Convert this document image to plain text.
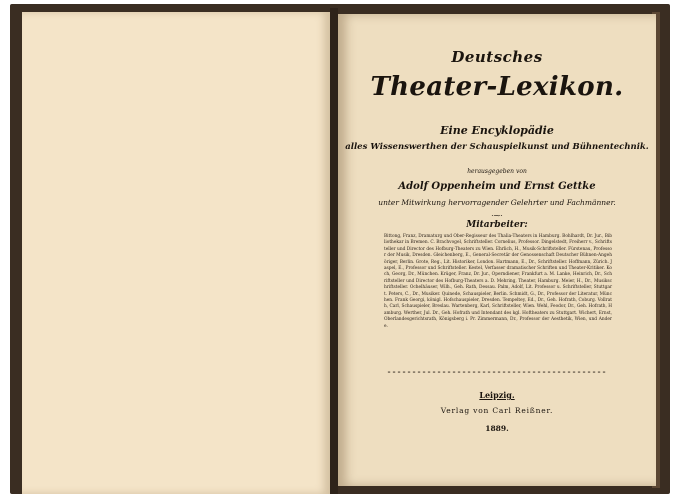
Deutsches
Theater-Lexikon.
Eine Encyklopädie
alles Wissenswerthen der Schauspielkunst und Bühnentechnik.
herausgegeben von
Adolf Oppenheim und Ernst Gettke
unter Mitwirkung hervorragender Gelehrter und Fachmänner.
·⁓·
Mitarbeiter:
Bittong, Franz, Dramaturg und Ober-Regisseur des Thalia-Theaters in Hamburg. Bohlhardt, Dr. Jur., Bibliothekar in Bremen. C. Brachvogel, Schriftsteller. Cornelius, Professor. Dingelstedt, Freiherr v., Schriftsteller und Director des Hofburg-Theaters zu Wien. Ehrlich, H., Musik-Schriftsteller. Fürstenau, Professor der Musik, Dresden. Gleichenberg, E., General-Secretär der Genossenschaft Deutscher Bühnen-Angehöriger, Berlin. Grote, Reg., Lit. Historiker, London. Hartmann, E., Dr., Schriftsteller. Hoffmann, Zürich. Jaspel, E., Professor und Schriftsteller. Kestel, Verfasser dramatischer Schriften und Theater-Kritiker. Koch, Georg, Dr., München. Krüger, Franz, Dr. Jur., Operndiener, Frankfurt a. M. Lanke, Heinrich, Dr., Schriftsteller und Director des Hofburg-Theaters a. D. Mehring, Theater, Hamburg. Meier, H., Dr., Musikschriftsteller. Ochelhäuser, Wilh., Geh. Rath, Dessau. Palm, Adolf, Lit. Professor u. Schriftsteller, Stuttgart. Peters, C., Dr., Musiker. Quinede, Schauspieler, Berlin. Schmidt, G., Dr., Professor der Literatur, München. Frank Georgi, königl. Hofschauspieler, Dresden. Tempeltey, Ed., Dr., Geh. Hofrath, Coburg. Vollrath, Carl, Schauspieler, Breslau. Wartenberg, Karl, Schriftsteller, Wien. Wehl, Feodor, Dr., Geh. Hofrath, Hamburg. Werther, Jul. Dr., Geh. Hofrath und Intendant des kgl. Hoftheaters zu Stuttgart. Wichert, Ernst, Oberlandesgerichtsrath, Königsberg i. Pr. Zimmermann, Dr., Professor der Aesthetik, Wien, und Andere.
⁃⁃⁃⁃⁃⁃⁃⁃⁃⁃⁃⁃⁃⁃⁃⁃⁃⁃⁃⁃⁃⁃⁃⁃⁃⁃⁃⁃⁃⁃⁃⁃⁃⁃⁃⁃⁃⁃⁃⁃⁃⁃⁃⁃
Leipzig.
Verlag von Carl Reißner.
1889.
